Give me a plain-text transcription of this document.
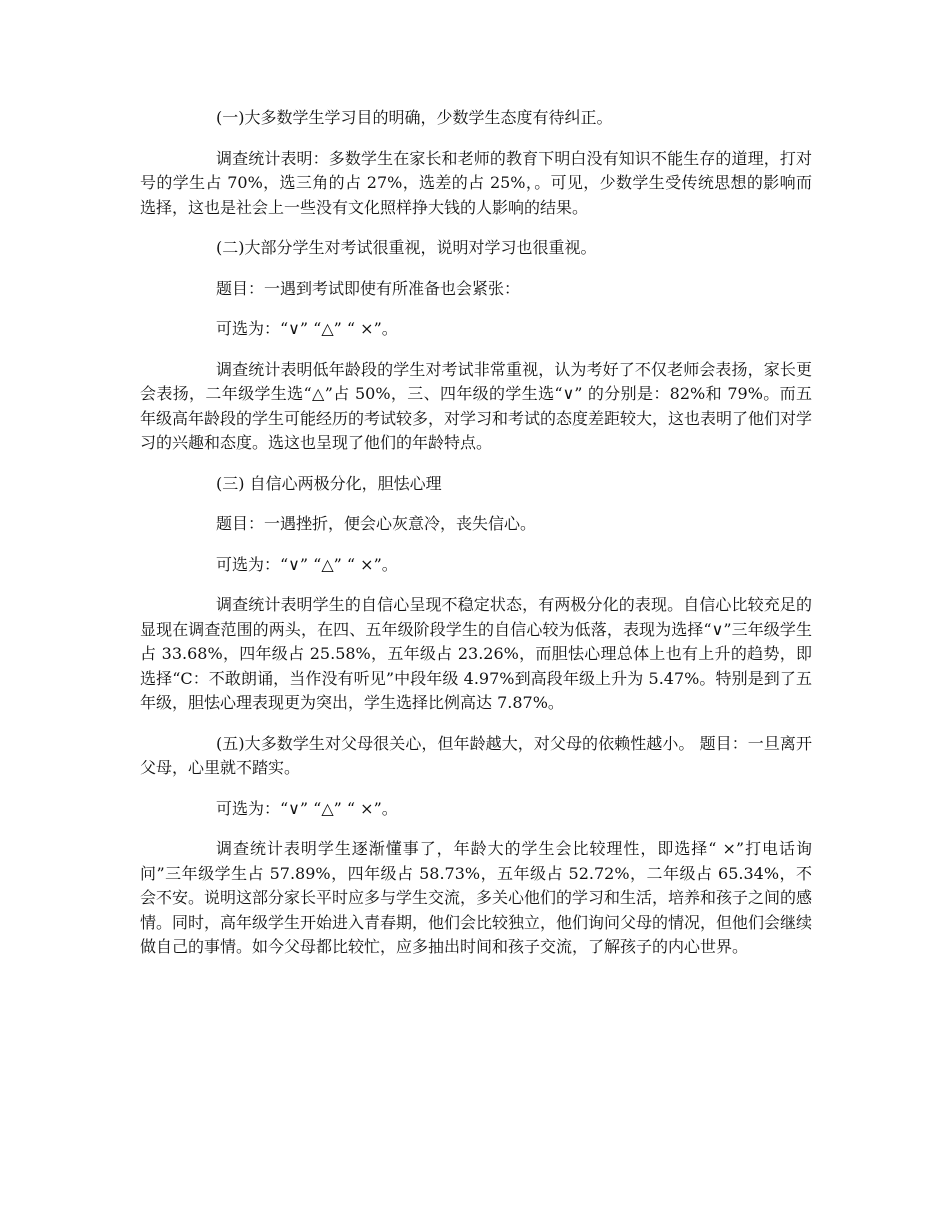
(一)大多数学生学习目的明确，少数学生态度有待纠正。

调查统计表明：多数学生在家长和老师的教育下明白没有知识不能生存的道理，打对号的学生占 70%，选三角的占 27%，选差的占 25%，。可见，少数学生受传统思想的影响而选择，这也是社会上一些没有文化照样挣大钱的人影响的结果。

(二)大部分学生对考试很重视，说明对学习也很重视。

题目：一遇到考试即使有所准备也会紧张：

可选为：“∨” “△” “ ×”。

调查统计表明低年龄段的学生对考试非常重视，认为考好了不仅老师会表扬，家长更会表扬，二年级学生选“△”占 50%，三、四年级的学生选“∨” 的分别是：82%和 79%。而五年级高年龄段的学生可能经历的考试较多，对学习和考试的态度差距较大，这也表明了他们对学习的兴趣和态度。选这也呈现了他们的年龄特点。

(三) 自信心两极分化，胆怯心理

题目：一遇挫折，便会心灰意冷，丧失信心。

可选为：“∨” “△” “ ×”。

调查统计表明学生的自信心呈现不稳定状态，有两极分化的表现。自信心比较充足的显现在调查范围的两头，在四、五年级阶段学生的自信心较为低落，表现为选择“∨”三年级学生占 33.68%，四年级占 25.58%，五年级占 23.26%，而胆怯心理总体上也有上升的趋势，即选择“C：不敢朗诵，当作没有听见”中段年级 4.97%到高段年级上升为 5.47%。特别是到了五年级，胆怯心理表现更为突出，学生选择比例高达 7.87%。

(五)大多数学生对父母很关心，但年龄越大，对父母的依赖性越小。 题目：一旦离开父母，心里就不踏实。

可选为：“∨” “△” “ ×”。

调查统计表明学生逐渐懂事了，年龄大的学生会比较理性，即选择“ ×”打电话询问”三年级学生占 57.89%，四年级占 58.73%，五年级占 52.72%，二年级占 65.34%，不会不安。说明这部分家长平时应多与学生交流，多关心他们的学习和生活，培养和孩子之间的感情。同时，高年级学生开始进入青春期，他们会比较独立，他们询问父母的情况，但他们会继续做自己的事情。如今父母都比较忙，应多抽出时间和孩子交流，了解孩子的内心世界。
